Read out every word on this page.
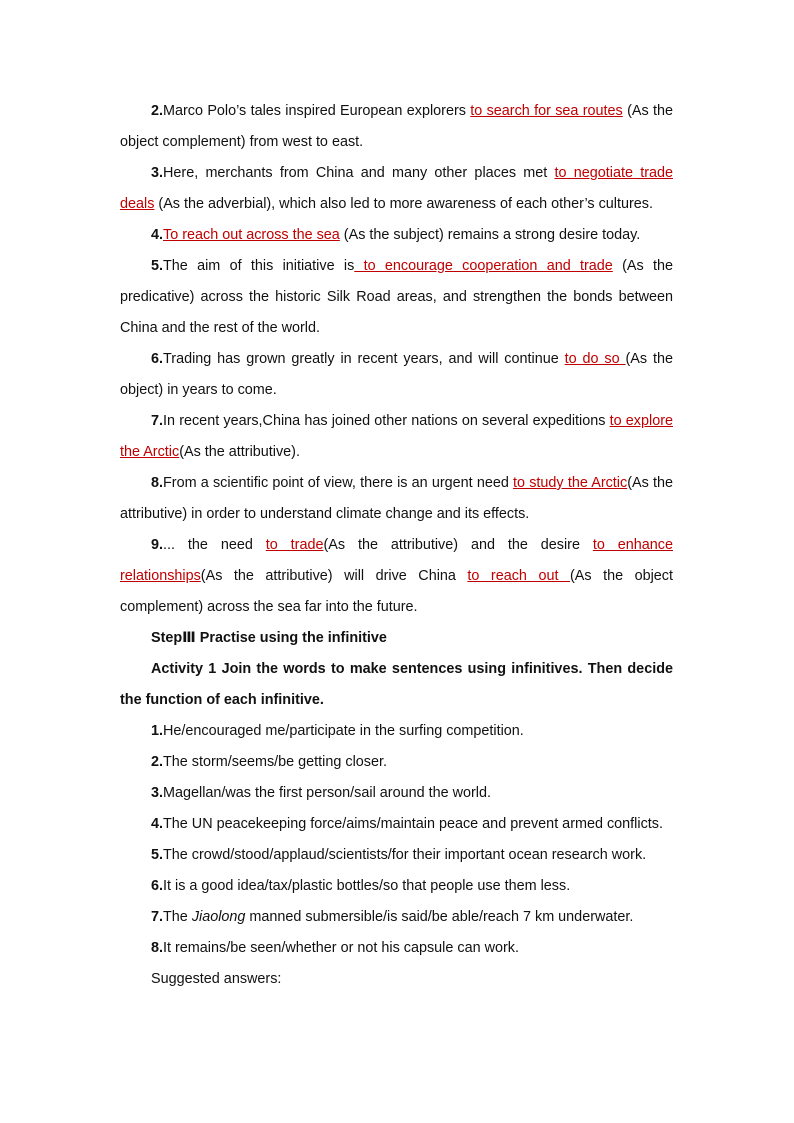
2.Marco Polo’s tales inspired European explorers to search for sea routes (As the object complement) from west to east.

3.Here, merchants from China and many other places met to negotiate trade deals (As the adverbial), which also led to more awareness of each other’s cultures.

4.To reach out across the sea (As the subject) remains a strong desire today.

5.The aim of this initiative is to encourage cooperation and trade (As the predicative) across the historic Silk Road areas, and strengthen the bonds between China and the rest of the world.

6.Trading has grown greatly in recent years, and will continue to do so (As the object) in years to come.

7.In recent years,China has joined other nations on several expeditions to explore the Arctic(As the attributive).

8.From a scientific point of view, there is an urgent need to study the Arctic(As the attributive) in order to understand climate change and its effects.

9.... the need to trade(As the attributive) and the desire to enhance relationships(As the attributive) will drive China to reach out (As the object complement) across the sea far into the future.

StepⅢ Practise using the infinitive

Activity 1 Join the words to make sentences using infinitives. Then decide the function of each infinitive.

1.He/encouraged me/participate in the surfing competition.

2.The storm/seems/be getting closer.

3.Magellan/was the first person/sail around the world.

4.The UN peacekeeping force/aims/maintain peace and prevent armed conflicts.

5.The crowd/stood/applaud/scientists/for their important ocean research work.

6.It is a good idea/tax/plastic bottles/so that people use them less.

7.The Jiaolong manned submersible/is said/be able/reach 7 km underwater.

8.It remains/be seen/whether or not his capsule can work.

Suggested answers:
